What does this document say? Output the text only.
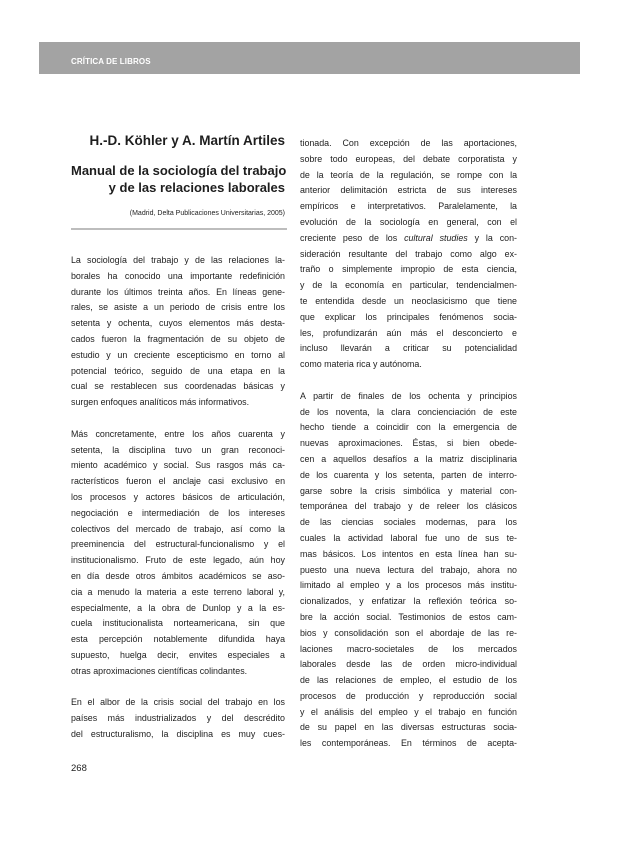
CRÍTICA DE LIBROS
H.-D. Köhler y A. Martín Artiles
Manual de la sociología del trabajo
y de las relaciones laborales
(Madrid, Delta Publicaciones Universitarias, 2005)

La sociología del trabajo y de las relaciones la-
borales ha conocido una importante redefinición
durante los últimos treinta años. En líneas gene-
rales, se asiste a un periodo de crisis entre los
setenta y ochenta, cuyos elementos más desta-
cados fueron la fragmentación de su objeto de
estudio y un creciente escepticismo en torno al
potencial teórico, seguido de una etapa en la
cual se restablecen sus coordenadas básicas y
surgen enfoques analíticos más informativos.

Más concretamente, entre los años cuarenta y
setenta, la disciplina tuvo un gran reconoci-
miento académico y social. Sus rasgos más ca-
racterísticos fueron el anclaje casi exclusivo en
los procesos y actores básicos de articulación,
negociación e intermediación de los intereses
colectivos del mercado de trabajo, así como la
preeminencia del estructural-funcionalismo y el
institucionalismo. Fruto de este legado, aún hoy
en día desde otros ámbitos académicos se aso-
cia a menudo la materia a este terreno laboral y,
especialmente, a la obra de Dunlop y a la es-
cuela institucionalista norteamericana, sin que
esta percepción notablemente difundida haya
supuesto, huelga decir, envites especiales a
otras aproximaciones científicas colindantes.

En el albor de la crisis social del trabajo en los
países más industrializados y del descrédito
del estructuralismo, la disciplina es muy cues-

tionada. Con excepción de las aportaciones,
sobre todo europeas, del debate corporatista y
de la teoría de la regulación, se rompe con la
anterior delimitación estricta de sus intereses
empíricos e interpretativos. Paralelamente, la
evolución de la sociología en general, con el
creciente peso de los cultural studies y la con-
sideración resultante del trabajo como algo ex-
traño o simplemente impropio de esta ciencia,
y de la economía en particular, tendencialmen-
te entendida desde un neoclasicismo que tiene
que explicar los principales fenómenos socia-
les, profundizarán aún más el desconcierto e
incluso llevarán a criticar su potencialidad
como materia rica y autónoma.

A partir de finales de los ochenta y principios
de los noventa, la clara concienciación de este
hecho tiende a coincidir con la emergencia de
nuevas aproximaciones. Éstas, si bien obede-
cen a aquellos desafíos a la matriz disciplinaria
de los cuarenta y los setenta, parten de interro-
garse sobre la crisis simbólica y material con-
temporánea del trabajo y de releer los clásicos
de las ciencias sociales modernas, para los
cuales la actividad laboral fue uno de sus te-
mas básicos. Los intentos en esta línea han su-
puesto una nueva lectura del trabajo, ahora no
limitado al empleo y a los procesos más institu-
cionalizados, y enfatizar la reflexión teórica so-
bre la acción social. Testimonios de estos cam-
bios y consolidación son el abordaje de las re-
laciones macro-societales de los mercados
laborales desde las de orden micro-individual
de las relaciones de empleo, el estudio de los
procesos de producción y reproducción social
y el análisis del empleo y el trabajo en función
de su papel en las diversas estructuras socia-
les contemporáneas. En términos de acepta-

268
